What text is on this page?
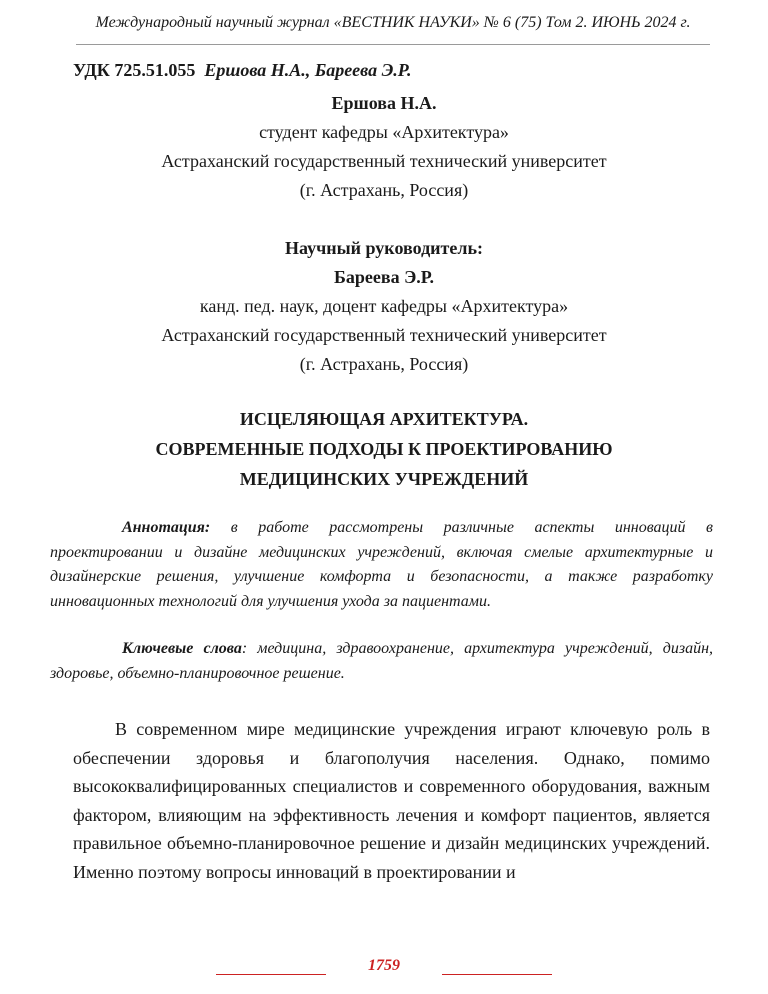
Международный научный журнал «ВЕСТНИК НАУКИ» № 6 (75) Том 2. ИЮНЬ 2024 г.
УДК 725.51.055 Ершова Н.А., Бареева Э.Р.
Ершова Н.А.
студент кафедры «Архитектура»
Астраханский государственный технический университет
(г. Астрахань, Россия)
Научный руководитель:
Бареева Э.Р.
канд. пед. наук, доцент кафедры «Архитектура»
Астраханский государственный технический университет
(г. Астрахань, Россия)
ИСЦЕЛЯЮЩАЯ АРХИТЕКТУРА.
СОВРЕМЕННЫЕ ПОДХОДЫ К ПРОЕКТИРОВАНИЮ
МЕДИЦИНСКИХ УЧРЕЖДЕНИЙ

Аннотация: в работе рассмотрены различные аспекты инноваций в проектировании и дизайне медицинских учреждений, включая смелые архитектурные и дизайнерские решения, улучшение комфорта и безопасности, а также разработку инновационных технологий для улучшения ухода за пациентами.

Ключевые слова: медицина, здравоохранение, архитектура учреждений, дизайн, здоровье, объемно-планировочное решение.

В современном мире медицинские учреждения играют ключевую роль в обеспечении здоровья и благополучия населения. Однако, помимо высококвалифицированных специалистов и современного оборудования, важным фактором, влияющим на эффективность лечения и комфорт пациентов, является правильное объемно-планировочное решение и дизайн медицинских учреждений. Именно поэтому вопросы инноваций в проектировании и

1759
